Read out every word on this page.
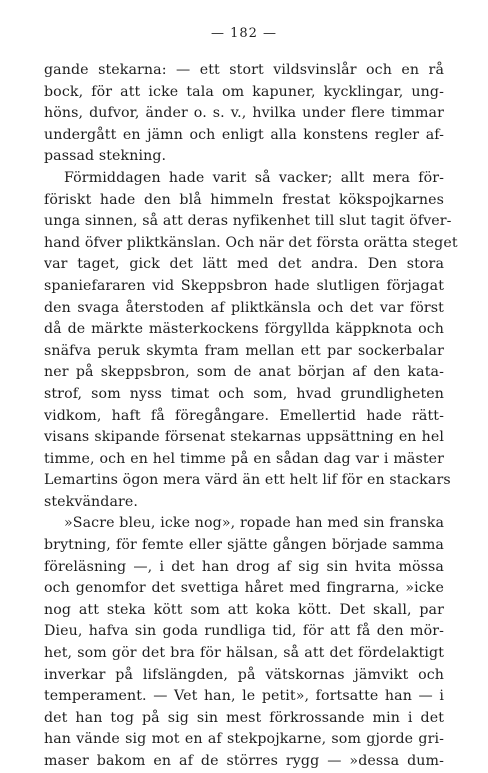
— 182 —
gande stekarna: — ett stort vildsvinslår och en rå
bock, för att icke tala om kapuner, kycklingar, ung-
höns, dufvor, änder o. s. v., hvilka under flere timmar
undergått en jämn och enligt alla konstens regler af-
passad stekning.
Förmiddagen hade varit så vacker; allt mera för-
föriskt hade den blå himmeln frestat kökspojkarnes
unga sinnen, så att deras nyfikenhet till slut tagit öfver-
hand öfver pliktkänslan. Och när det första orätta steget
var taget, gick det lätt med det andra. Den stora
spaniefararen vid Skeppsbron hade slutligen förjagat
den svaga återstoden af pliktkänsla och det var först
då de märkte mästerkockens förgyllda käppknota och
snäfva peruk skymta fram mellan ett par sockerbalar
ner på skeppsbron, som de anat början af den kata-
strof, som nyss timat och som, hvad grundligheten
vidkom, haft få föregångare. Emellertid hade rätt-
visans skipande försenat stekarnas uppsättning en hel
timme, och en hel timme på en sådan dag var i mäster
Lemartins ögon mera värd än ett helt lif för en stackars
stekvändare.
»Sacre bleu, icke nog», ropade han med sin franska
brytning, för femte eller sjätte gången började samma
föreläsning —, i det han drog af sig sin hvita mössa
och genomfor det svettiga håret med fingrarna, »icke
nog att steka kött som att koka kött. Det skall, par
Dieu, hafva sin goda rundliga tid, för att få den mör-
het, som gör det bra för hälsan, så att det fördelaktigt
inverkar på lifslängden, på vätskornas jämvikt och
temperament. — Vet han, le petit», fortsatte han — i
det han tog på sig sin mest förkrossande min i det
han vände sig mot en af stekpojkarne, som gjorde gri-
maser bakom en af de störres rygg — »dessa dum-
